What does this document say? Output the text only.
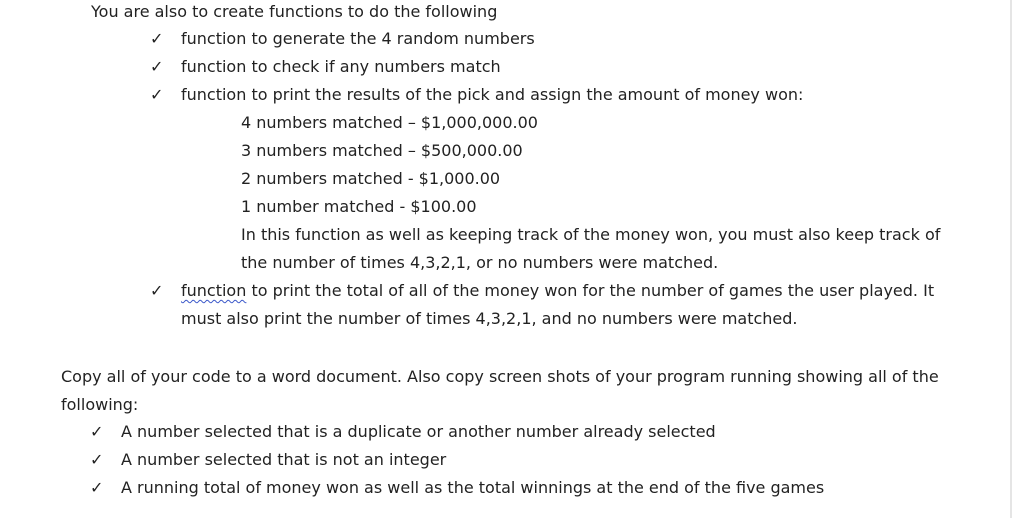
You are also to create functions to do the following
✓ function to generate the 4 random numbers
✓ function to check if any numbers match
✓ function to print the results of the pick and assign the amount of money won:
4 numbers matched – $1,000,000.00
3 numbers matched – $500,000.00
2 numbers matched - $1,000.00
1 number matched - $100.00
In this function as well as keeping track of the money won, you must also keep track of
the number of times 4,3,2,1, or no numbers were matched.
✓ function to print the total of all of the money won for the number of games the user played. It
must also print the number of times 4,3,2,1, and no numbers were matched.
Copy all of your code to a word document. Also copy screen shots of your program running showing all of the
following:
✓ A number selected that is a duplicate or another number already selected
✓ A number selected that is not an integer
✓ A running total of money won as well as the total winnings at the end of the five games
